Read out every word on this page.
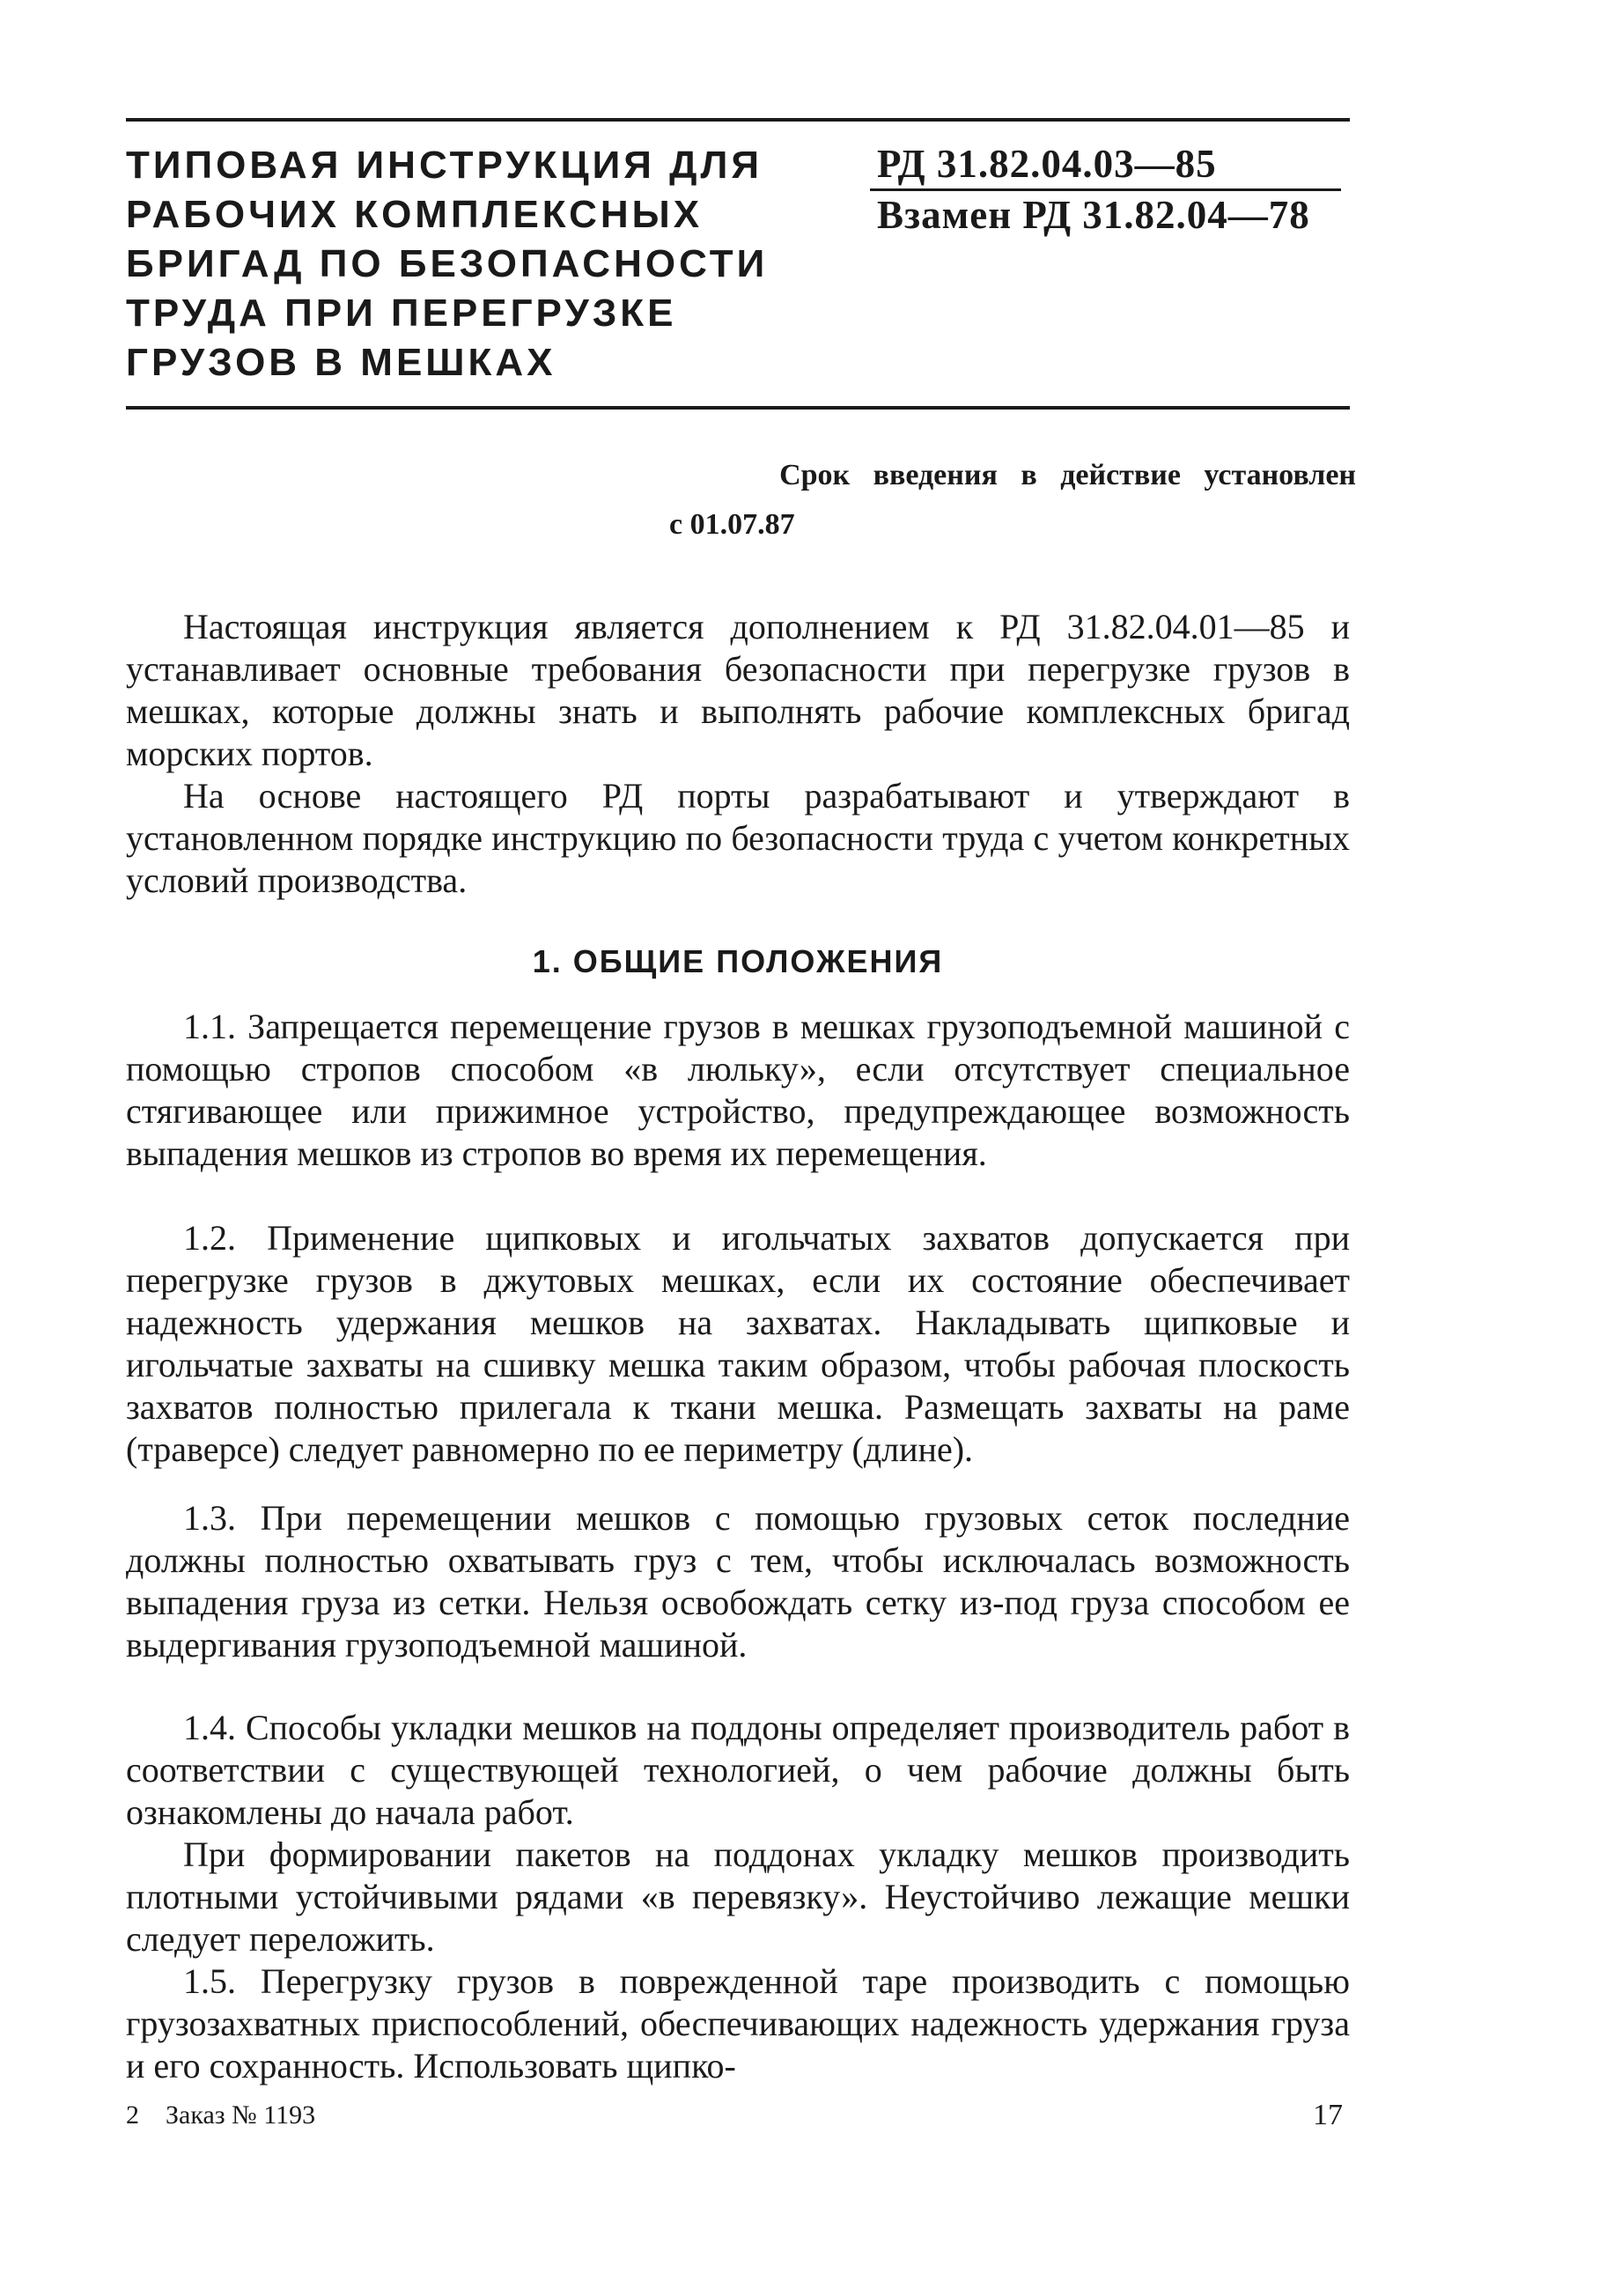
ТИПОВАЯ ИНСТРУКЦИЯ ДЛЯ
РАБОЧИХ КОМПЛЕКСНЫХ
БРИГАД ПО БЕЗОПАСНОСТИ
ТРУДА ПРИ ПЕРЕГРУЗКЕ
ГРУЗОВ В МЕШКАХ

РД 31.82.04.03—85

Взамен РД 31.82.04—78

Срок введения в действие установлен
с 01.07.87

Настоящая инструкция является дополнением к РД 31.82.04.01—85 и устанавливает основные требования безопасности при перегрузке грузов в мешках, которые должны знать и выполнять рабочие комплексных бригад морских портов.

На основе настоящего РД порты разрабатывают и утверждают в установленном порядке инструкцию по безопасности труда с учетом конкретных условий производства.

1. ОБЩИЕ ПОЛОЖЕНИЯ

1.1. Запрещается перемещение грузов в мешках грузоподъемной машиной с помощью стропов способом «в люльку», если отсутствует специальное стягивающее или прижимное устройство, предупреждающее возможность выпадения мешков из стропов во время их перемещения.

1.2. Применение щипковых и игольчатых захватов допускается при перегрузке грузов в джутовых мешках, если их состояние обеспечивает надежность удержания мешков на захватах. Накладывать щипковые и игольчатые захваты на сшивку мешка таким образом, чтобы рабочая плоскость захватов полностью прилегала к ткани мешка. Размещать захваты на раме (траверсе) следует равномерно по ее периметру (длине).

1.3. При перемещении мешков с помощью грузовых сеток последние должны полностью охватывать груз с тем, чтобы исключалась возможность выпадения груза из сетки. Нельзя освобождать сетку из-под груза способом ее выдергивания грузоподъемной машиной.

1.4. Способы укладки мешков на поддоны определяет производитель работ в соответствии с существующей технологией, о чем рабочие должны быть ознакомлены до начала работ.

При формировании пакетов на поддонах укладку мешков производить плотными устойчивыми рядами «в перевязку». Неустойчиво лежащие мешки следует переложить.

1.5. Перегрузку грузов в поврежденной таре производить с помощью грузозахватных приспособлений, обеспечивающих надежность удержания груза и его сохранность. Использовать щипко-

2 Заказ № 1193	17
